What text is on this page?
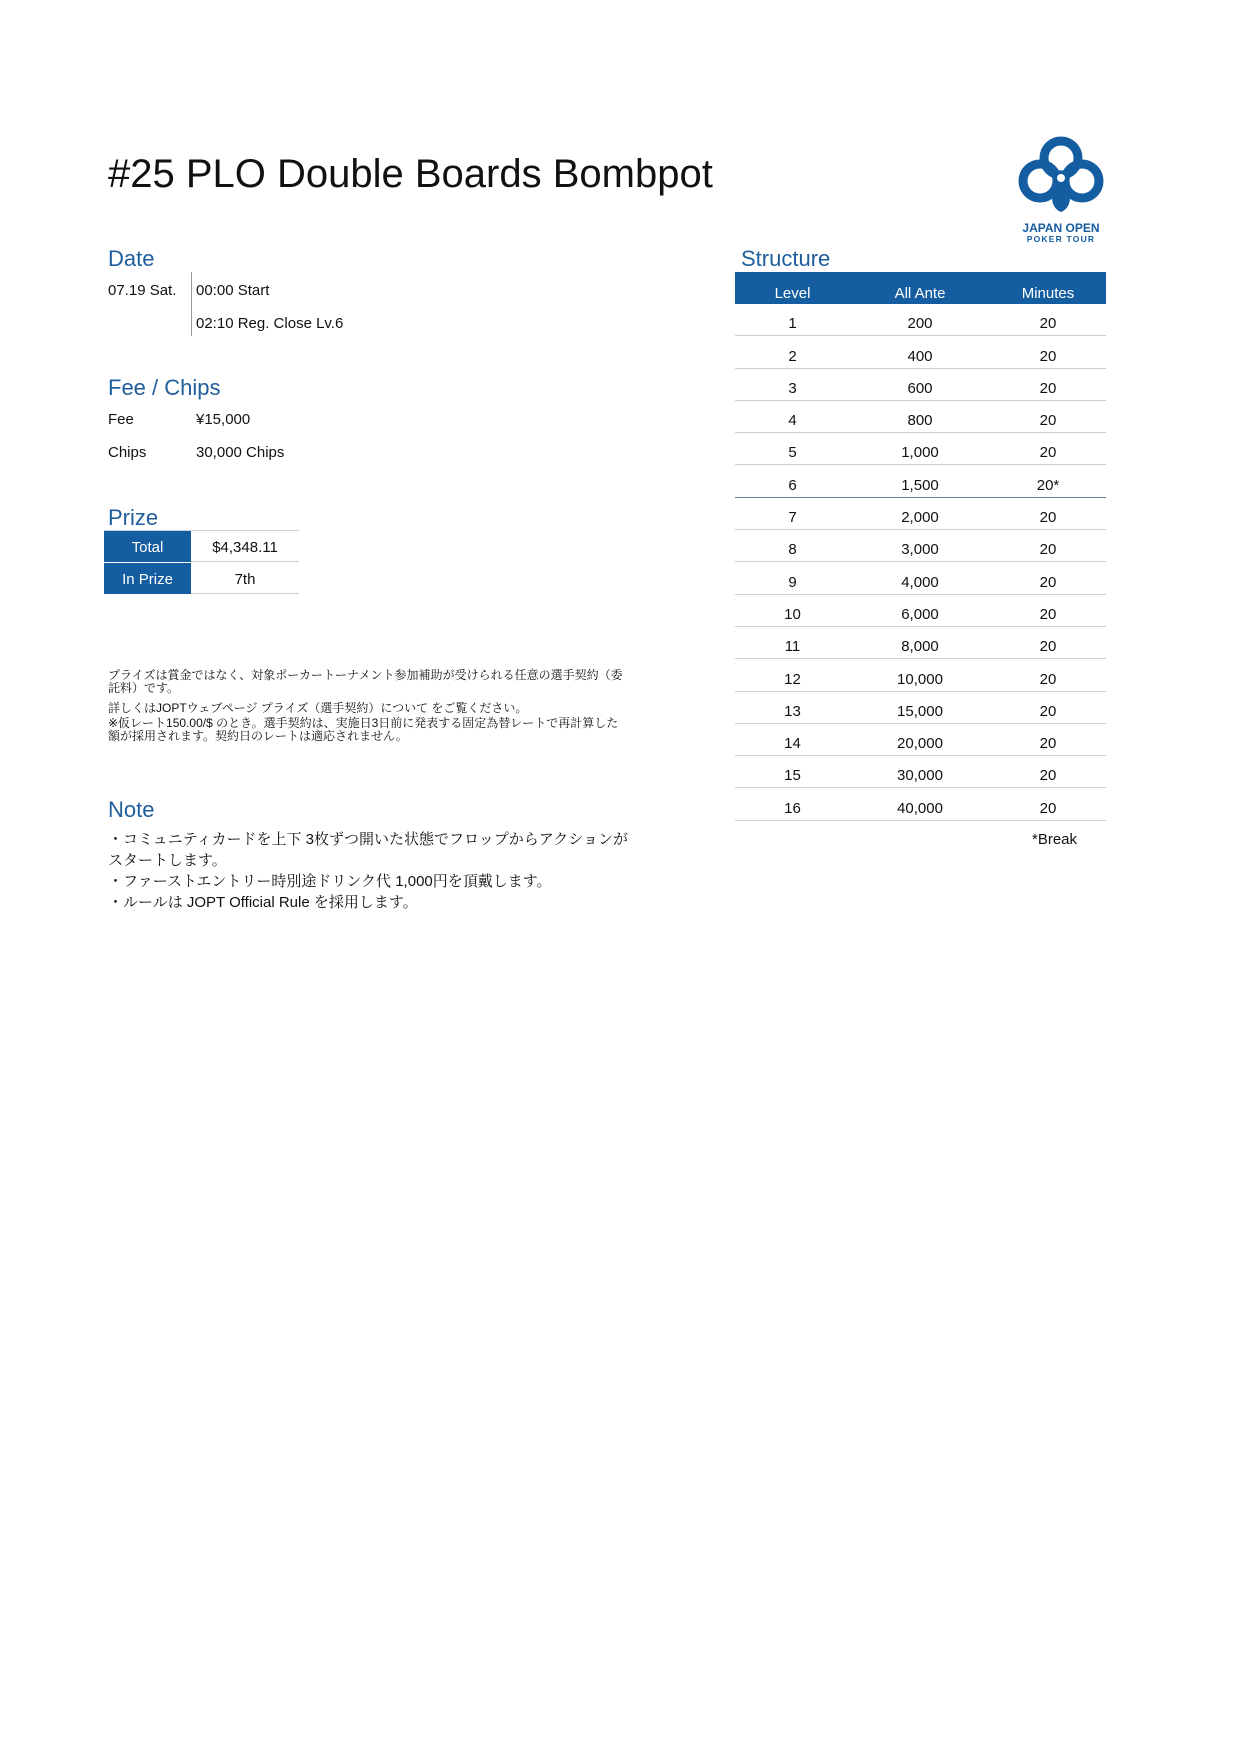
#25 PLO Double Boards Bombpot
JAPAN OPEN
POKER TOUR
Date
07.19 Sat. 00:00 Start
02:10 Reg. Close Lv.6
Fee / Chips
Fee	¥15,000
Chips	30,000 Chips
Prize
Total	$4,348.11
In Prize	7th
プライズは賞金ではなく、対象ポーカートーナメント参加補助が受けられる任意の選手契約（委託料）です。
詳しくはJOPTウェブページ プライズ（選手契約）について をご覧ください。
※仮レート150.00/$ のとき。選手契約は、実施日3日前に発表する固定為替レートで再計算した額が採用されます。契約日のレートは適応されません。
Note
・コミュニティカードを上下 3枚ずつ開いた状態でフロップからアクションが
スタートします。
・ファーストエントリー時別途ドリンク代 1,000円を頂戴します。
・ルールは JOPT Official Rule を採用します。
Structure
Level	All Ante	Minutes
1	200	20
2	400	20
3	600	20
4	800	20
5	1,000	20
6	1,500	20*
7	2,000	20
8	3,000	20
9	4,000	20
10	6,000	20
11	8,000	20
12	10,000	20
13	15,000	20
14	20,000	20
15	30,000	20
16	40,000	20
*Break
